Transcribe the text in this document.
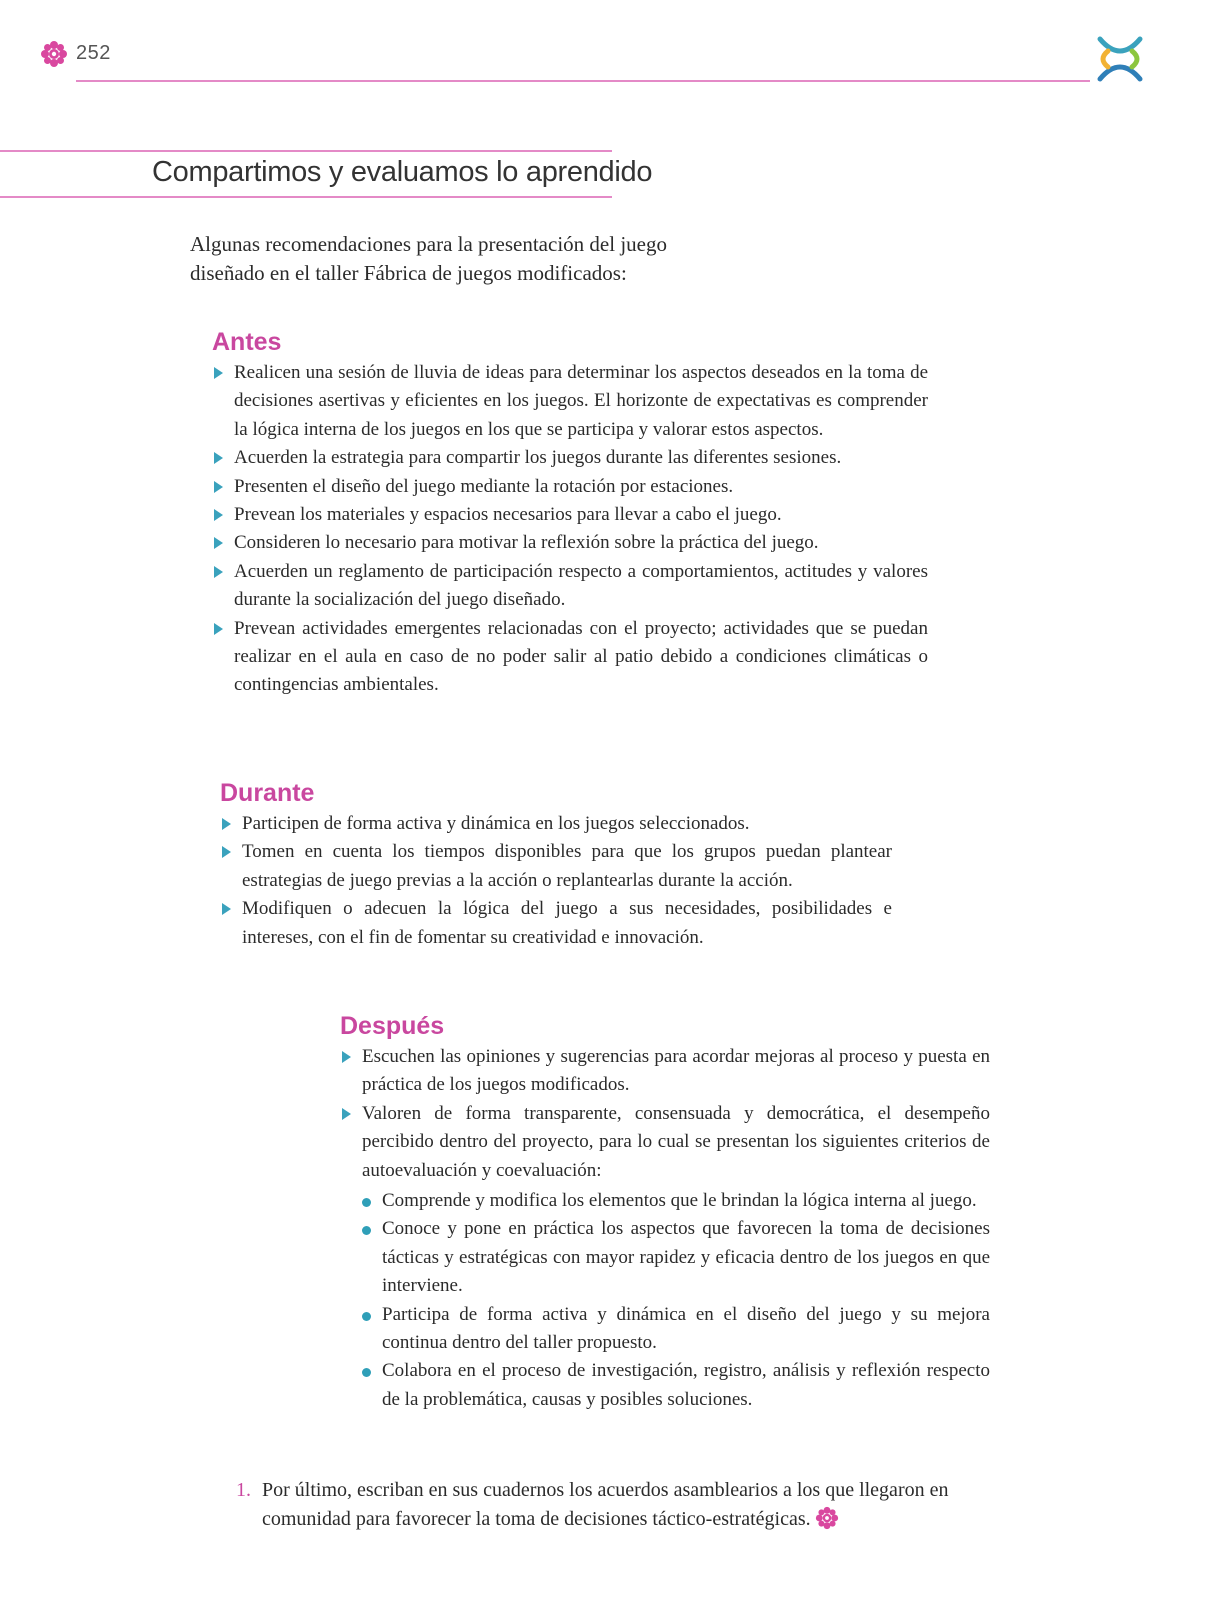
252
Compartimos y evaluamos lo aprendido

Algunas recomendaciones para la presentación del juego
diseñado en el taller Fábrica de juegos modificados:

Antes
Realicen una sesión de lluvia de ideas para determinar los aspectos deseados en la toma de decisiones asertivas y eficientes en los juegos. El horizonte de expectativas es comprender la lógica interna de los juegos en los que se participa y valorar estos aspectos.
Acuerden la estrategia para compartir los juegos durante las diferentes sesiones.
Presenten el diseño del juego mediante la rotación por estaciones.
Prevean los materiales y espacios necesarios para llevar a cabo el juego.
Consideren lo necesario para motivar la reflexión sobre la práctica del juego.
Acuerden un reglamento de participación respecto a comportamientos, actitudes y valores durante la socialización del juego diseñado.
Prevean actividades emergentes relacionadas con el proyecto; actividades que se puedan realizar en el aula en caso de no poder salir al patio debido a condiciones climáticas o contingencias ambientales.
Durante
Participen de forma activa y dinámica en los juegos seleccionados.
Tomen en cuenta los tiempos disponibles para que los grupos puedan plantear estrategias de juego previas a la acción o replantearlas durante la acción.
Modifiquen o adecuen la lógica del juego a sus necesidades, posibilidades e intereses, con el fin de fomentar su creatividad e innovación.
Después
Escuchen las opiniones y sugerencias para acordar mejoras al proceso y puesta en práctica de los juegos modificados.
Valoren de forma transparente, consensuada y democrática, el desempeño percibido dentro del proyecto, para lo cual se presentan los siguientes criterios de autoevaluación y coevaluación:
Comprende y modifica los elementos que le brindan la lógica interna al juego.
Conoce y pone en práctica los aspectos que favorecen la toma de decisiones tácticas y estratégicas con mayor rapidez y eficacia dentro de los juegos en que interviene.
Participa de forma activa y dinámica en el diseño del juego y su mejora continua dentro del taller propuesto.
Colabora en el proceso de investigación, registro, análisis y reflexión respecto de la problemática, causas y posibles soluciones.
1. Por último, escriban en sus cuadernos los acuerdos asamblearios a los que llegaron en comunidad para favorecer la toma de decisiones táctico-estratégicas.
